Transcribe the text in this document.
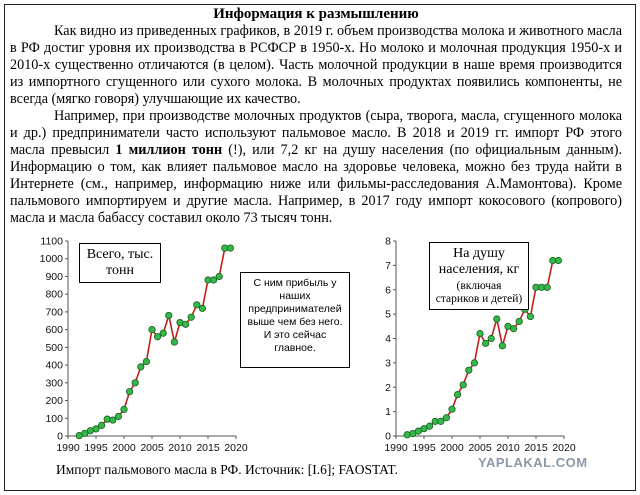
Информация к размышлению

Как видно из приведенных графиков, в 2019 г. объем производства молока и животного масла в РФ достиг уровня их производства в РСФСР в 1950-х. Но молоко и молочная продукция 1950-х и 2010-х существенно отличаются (в целом). Часть молочной продукции в наше время производится из импортного сгущенного или сухого молока. В молочных продуктах появились компоненты, не всегда (мягко говоря) улучшающие их качество.

Например, при производстве молочных продуктов (сыра, творога, масла, сгущенного молока и др.) предприниматели часто используют пальмовое масло. В 2018 и 2019 гг. импорт РФ этого масла превысил 1 миллион тонн (!), или 7,2 кг на душу населения (по официальным данным). Информацию о том, как влияет пальмовое масло на здоровье человека, можно без труда найти в Интернете (см., например, информацию ниже или фильмы-расследования А.Мамонтова). Кроме пальмового импортируем и другие масла. Например, в 2017 году импорт кокосового (копрового) масла и масла бабассу составил около 73 тысяч тонн.

0
100
200
300
400
500
600
700
800
900
1000
1100
1990 1995 2000 2005 2010 2015 2020
0
1
2
3
4
5
6
7
8
1990 1995 2000 2005 2010 2015 2020
Всего, тыс. тонн
На душу населения, кг
(включая стариков и детей)
С ним прибыль у наших предпринимателей выше чем без него.
И это сейчас главное.
Импорт пальмового масла в РФ. Источник: [I.6]; FAOSTAT.	YAPLAKAL.COM
